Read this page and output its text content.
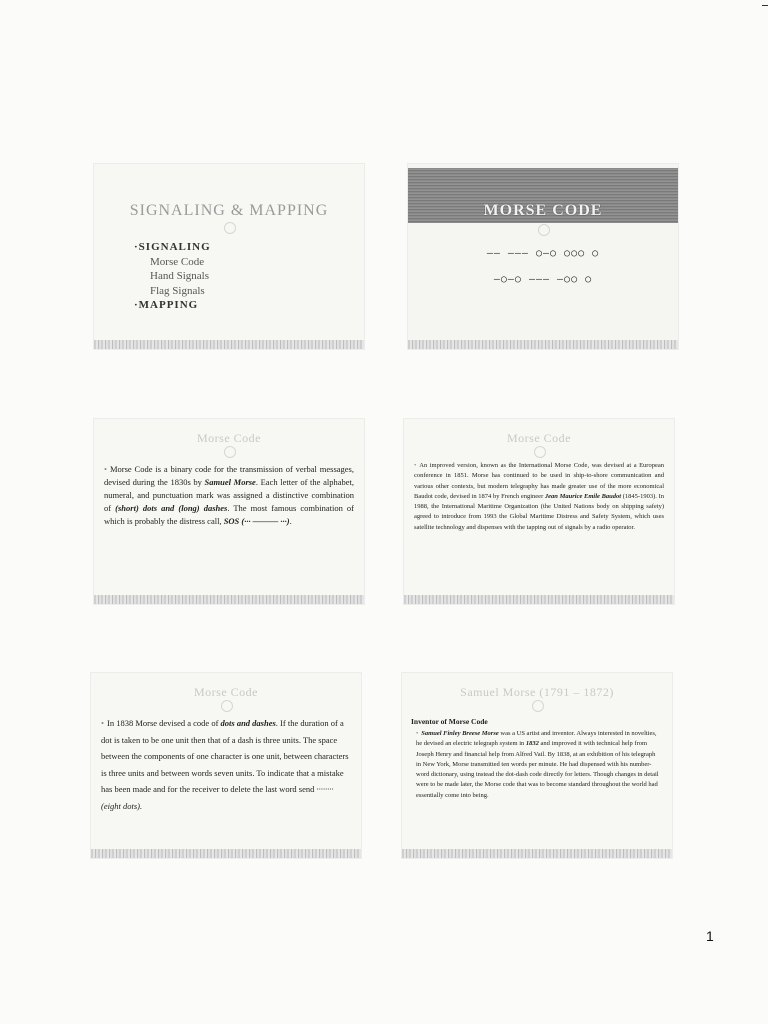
SIGNALING & MAPPING
·SIGNALING
Morse Code
Hand Signals
Flag Signals
·MAPPING
MORSE CODE
—— ——— ○—○ ○○○ ○
—○—○ ——— —○○ ○
Morse Code
• Morse Code is a binary code for the transmission of verbal messages, devised during the 1830s by Samuel Morse. Each letter of the alphabet, numeral, and punctuation mark was assigned a distinctive combination of (short) dots and (long) dashes. The most famous combination of which is probably the distress call, SOS (··· ——— ···).
Morse Code
• An improved version, known as the International Morse Code, was devised at a European conference in 1851. Morse has continued to be used in ship-to-shore communication and various other contexts, but modern telegraphy has made greater use of the more economical Baudot code, devised in 1874 by French engineer Jean Maurice Emile Baudot (1845-1903). In 1988, the International Maritime Organization (the United Nations body on shipping safety) agreed to introduce from 1993 the Global Maritime Distress and Safety System, which uses satellite technology and dispenses with the tapping out of signals by a radio operator.
Morse Code
• In 1838 Morse devised a code of dots and dashes. If the duration of a dot is taken to be one unit then that of a dash is three units. The space between the components of one character is one unit, between characters is three units and between words seven units. To indicate that a mistake has been made and for the receiver to delete the last word send ········ (eight dots).
Samuel Morse (1791 – 1872)
Inventor of Morse Code
• Samuel Finley Breese Morse was a US artist and inventor. Always interested in novelties, he devised an electric telegraph system in 1832 and improved it with technical help from Joseph Henry and financial help from Alfred Vail. By 1838, at an exhibition of his telegraph in New York, Morse transmitted ten words per minute. He had dispensed with his number-word dictionary, using instead the dot-dash code directly for letters. Though changes in detail were to be made later, the Morse code that was to become standard throughout the world had essentially come into being.
1
